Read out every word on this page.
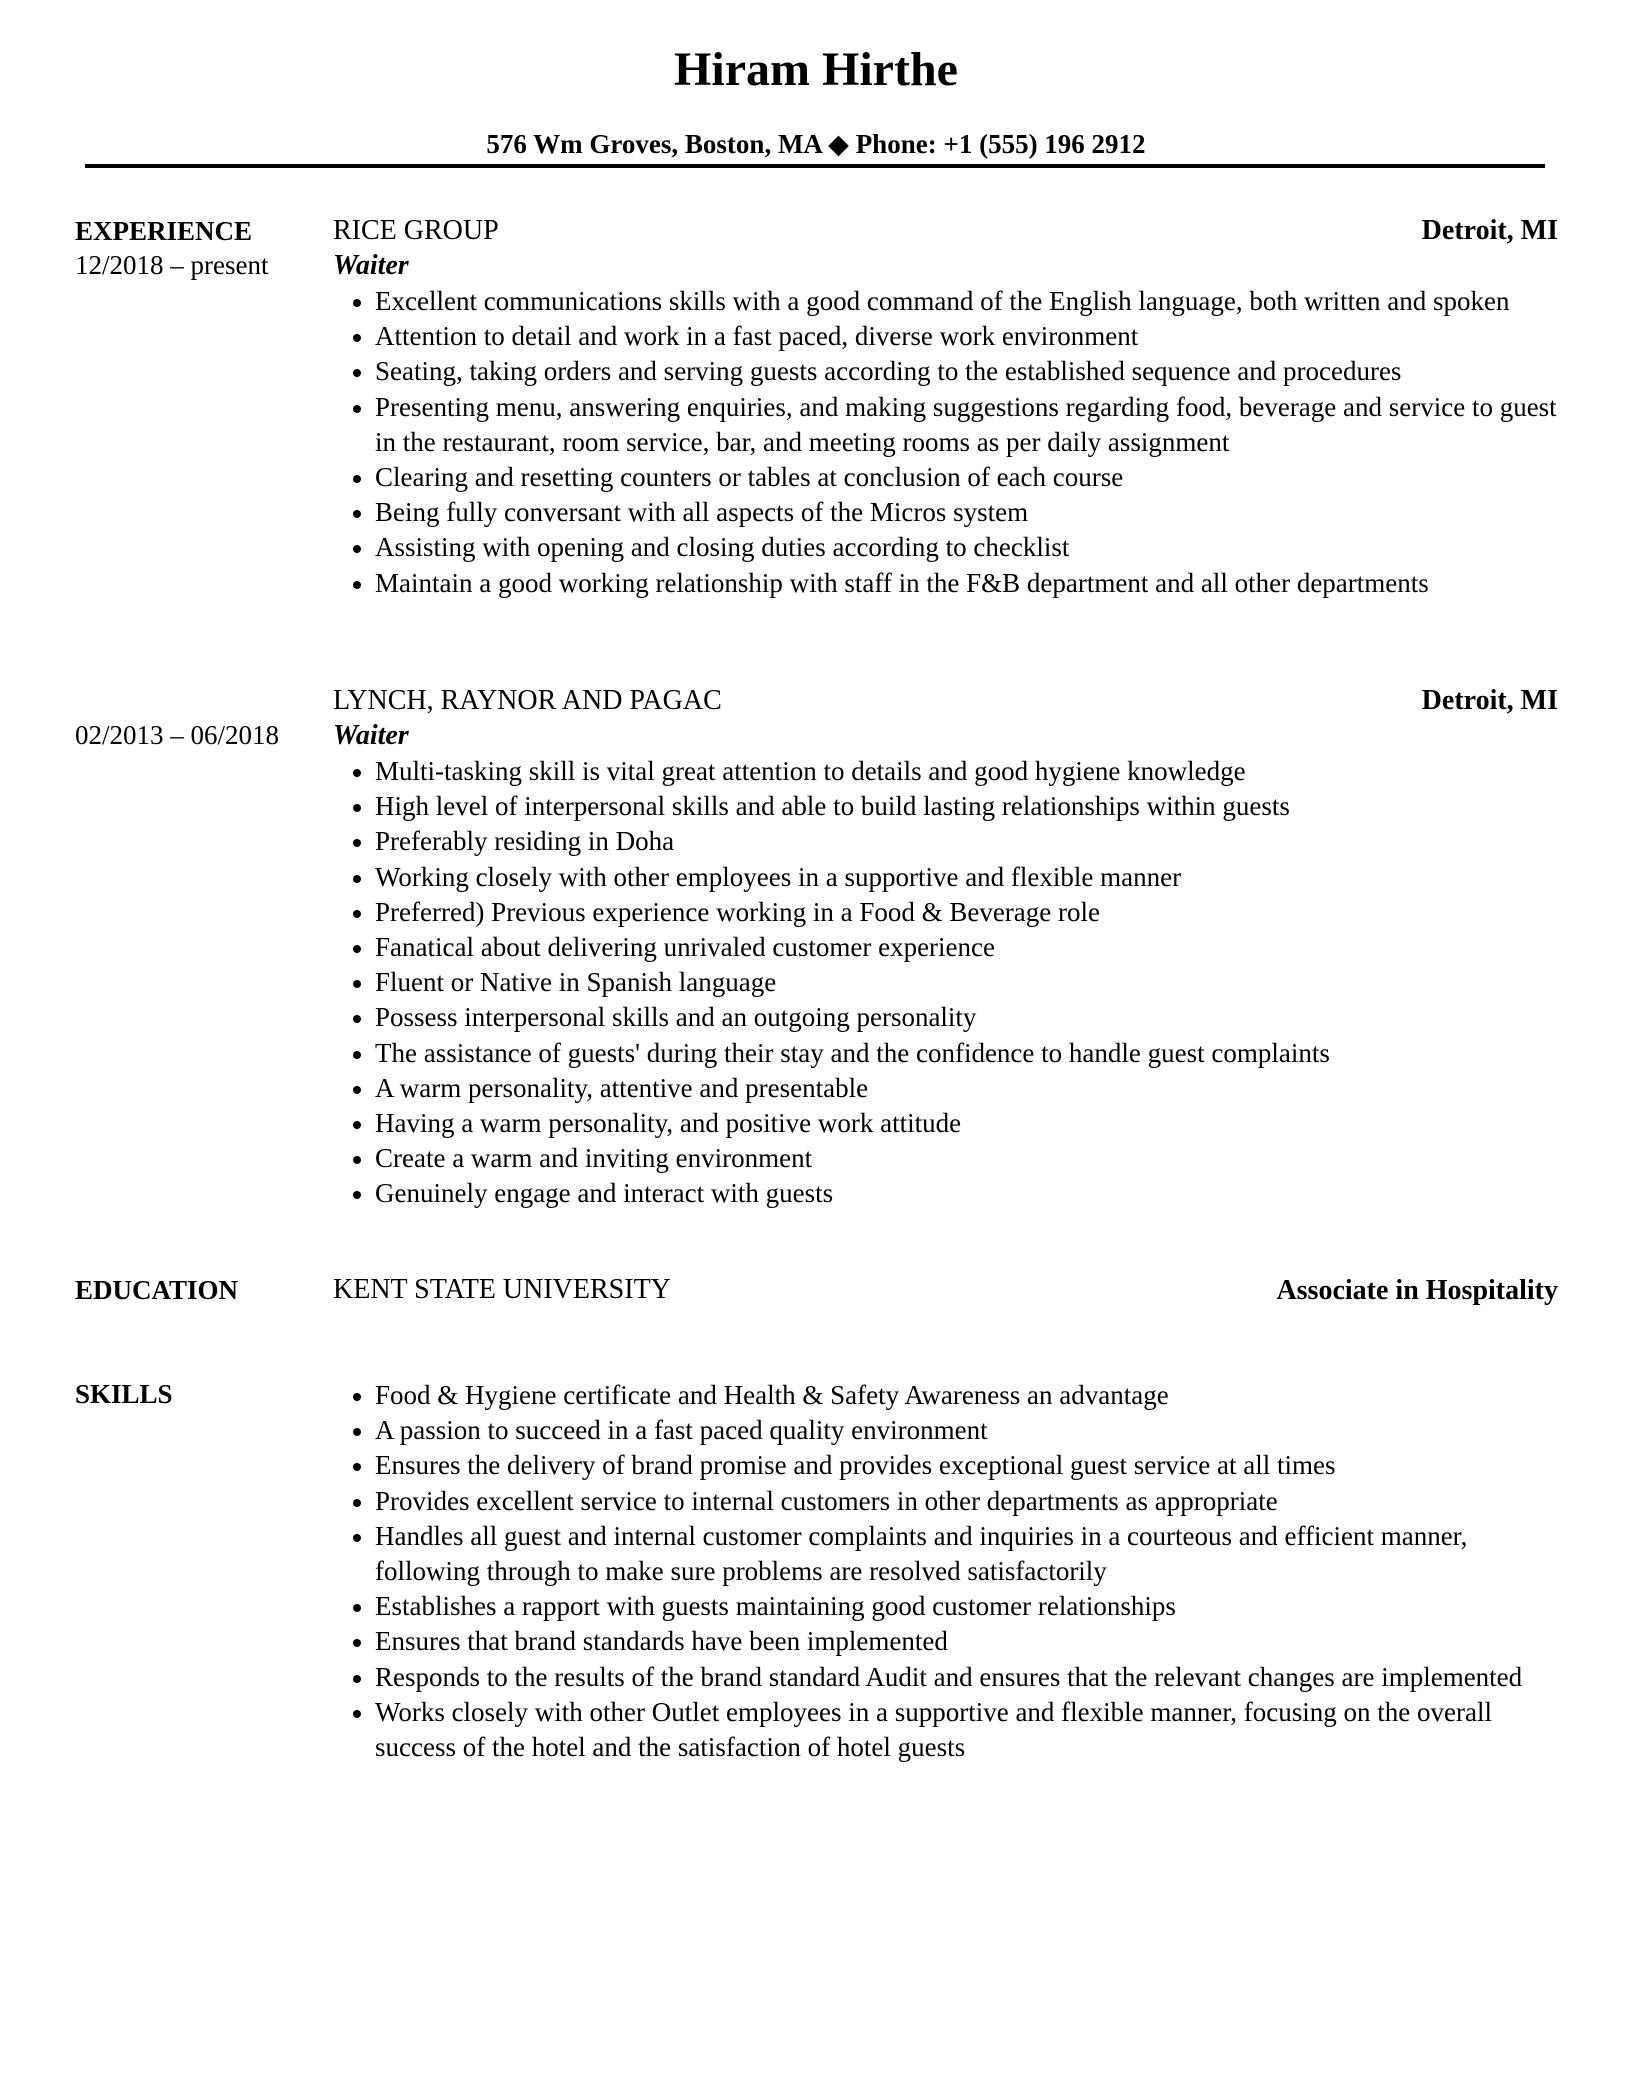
Hiram Hirthe
576 Wm Groves, Boston, MA ◆ Phone: +1 (555) 196 2912
EXPERIENCE
12/2018 – present
RICE GROUP	Detroit, MI
Waiter
Excellent communications skills with a good command of the English language, both written and spoken
Attention to detail and work in a fast paced, diverse work environment
Seating, taking orders and serving guests according to the established sequence and procedures
Presenting menu, answering enquiries, and making suggestions regarding food, beverage and service to guest in the restaurant, room service, bar, and meeting rooms as per daily assignment
Clearing and resetting counters or tables at conclusion of each course
Being fully conversant with all aspects of the Micros system
Assisting with opening and closing duties according to checklist
Maintain a good working relationship with staff in the F&B department and all other departments
02/2013 – 06/2018
LYNCH, RAYNOR AND PAGAC	Detroit, MI
Waiter
Multi-tasking skill is vital great attention to details and good hygiene knowledge
High level of interpersonal skills and able to build lasting relationships within guests
Preferably residing in Doha
Working closely with other employees in a supportive and flexible manner
Preferred) Previous experience working in a Food & Beverage role
Fanatical about delivering unrivaled customer experience
Fluent or Native in Spanish language
Possess interpersonal skills and an outgoing personality
The assistance of guests' during their stay and the confidence to handle guest complaints
A warm personality, attentive and presentable
Having a warm personality, and positive work attitude
Create a warm and inviting environment
Genuinely engage and interact with guests
EDUCATION	KENT STATE UNIVERSITY	Associate in Hospitality
SKILLS	Food & Hygiene certificate and Health & Safety Awareness an advantage
A passion to succeed in a fast paced quality environment
Ensures the delivery of brand promise and provides exceptional guest service at all times
Provides excellent service to internal customers in other departments as appropriate
Handles all guest and internal customer complaints and inquiries in a courteous and efficient manner, following through to make sure problems are resolved satisfactorily
Establishes a rapport with guests maintaining good customer relationships
Ensures that brand standards have been implemented
Responds to the results of the brand standard Audit and ensures that the relevant changes are implemented
Works closely with other Outlet employees in a supportive and flexible manner, focusing on the overall success of the hotel and the satisfaction of hotel guests
